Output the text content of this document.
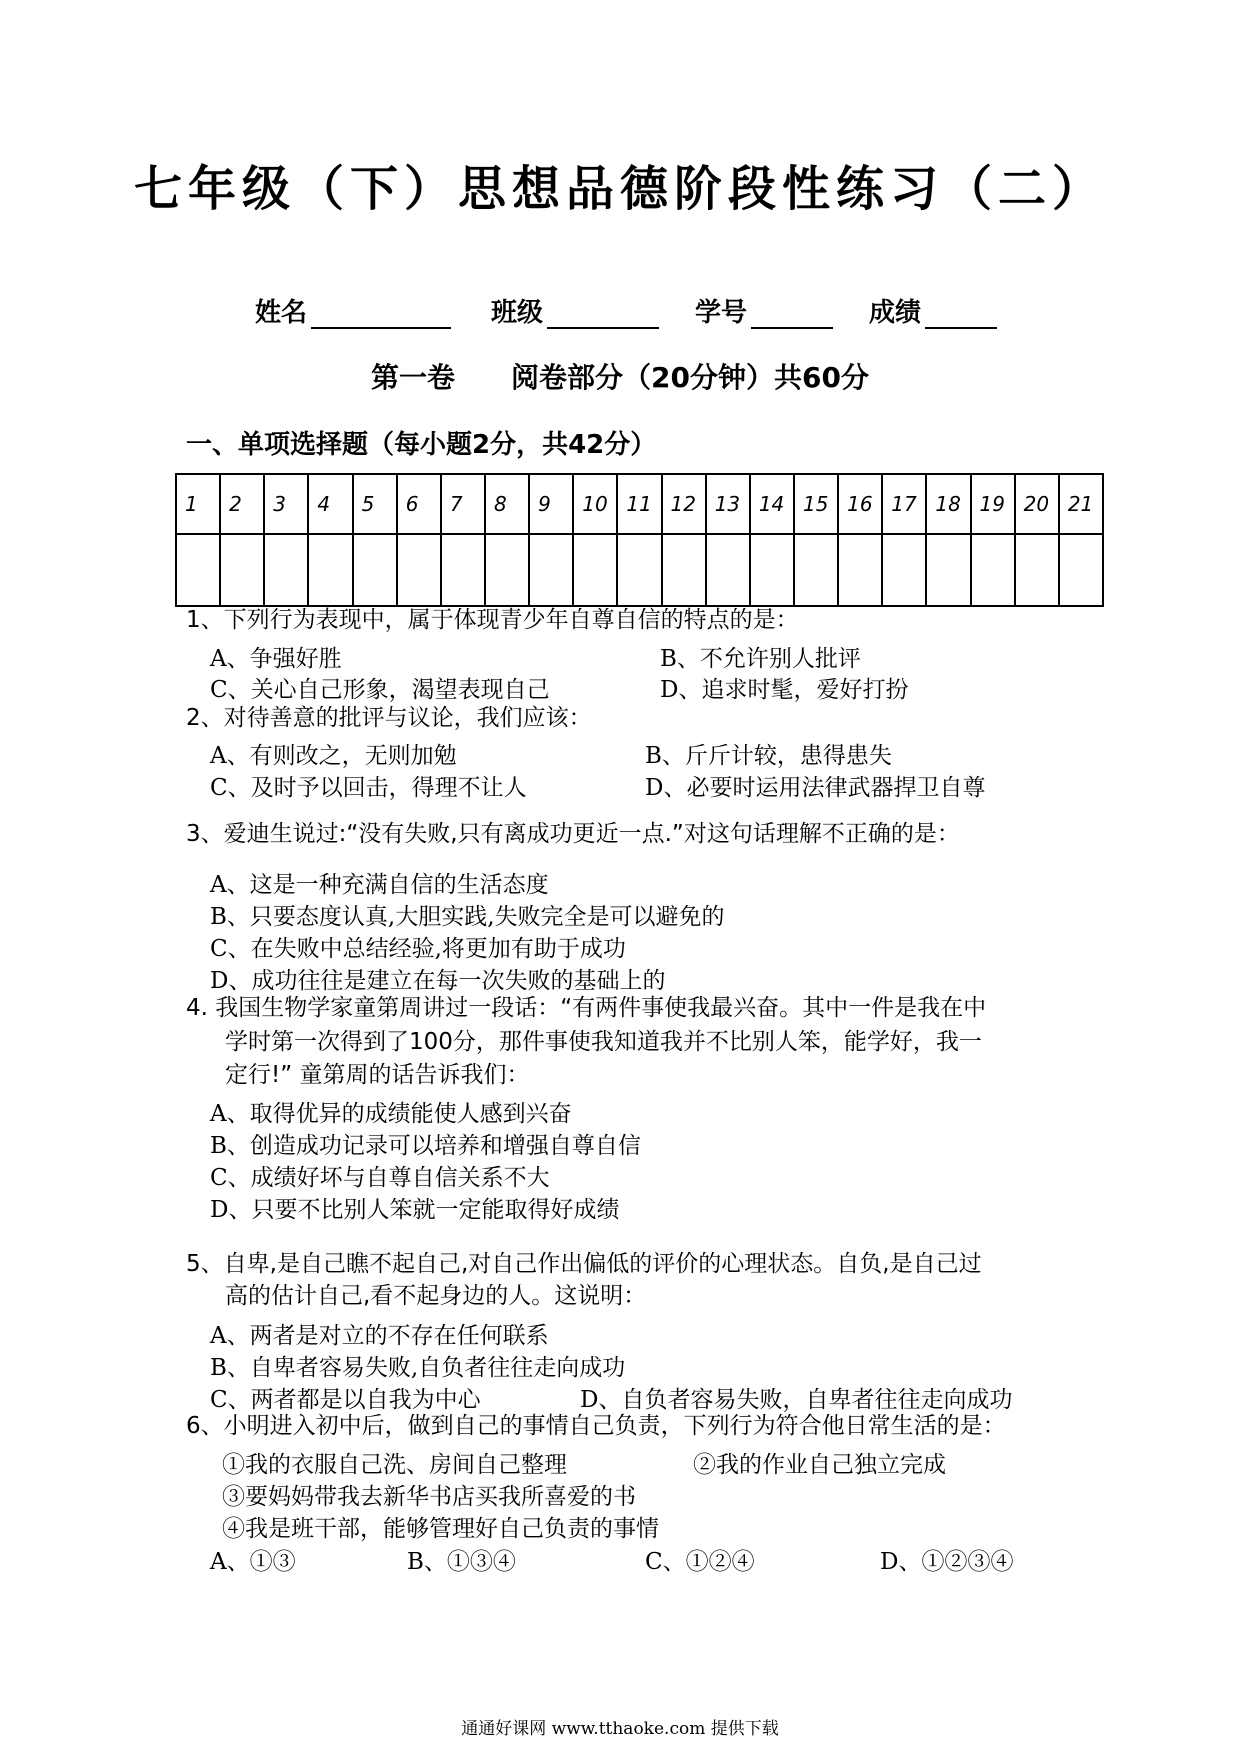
七年级（下）思想品德阶段性练习（二）
姓名	班级	学号	成绩
第一卷　　阅卷部分（20分钟）共60分
一、单项选择题（每小题2分，共42分）
1	2	3	4	5	6	7	8	9	10	11	12	13	14	15	16	17	18	19	20	21

1、下列行为表现中，属于体现青少年自尊自信的特点的是：
A、争强好胜	B、不允许别人批评
C、关心自己形象，渴望表现自己	D、追求时髦，爱好打扮
2、对待善意的批评与议论，我们应该：
A、有则改之，无则加勉	B、斤斤计较，患得患失
C、及时予以回击，得理不让人	D、必要时运用法律武器捍卫自尊
3、爱迪生说过:“没有失败,只有离成功更近一点.”对这句话理解不正确的是：
A、这是一种充满自信的生活态度
B、只要态度认真,大胆实践,失败完全是可以避免的
C、在失败中总结经验,将更加有助于成功
D、成功往往是建立在每一次失败的基础上的
4. 我国生物学家童第周讲过一段话：“有两件事使我最兴奋。其中一件是我在中
学时第一次得到了100分，那件事使我知道我并不比别人笨，能学好，我一
定行!” 童第周的话告诉我们：
A、取得优异的成绩能使人感到兴奋
B、创造成功记录可以培养和增强自尊自信
C、成绩好坏与自尊自信关系不大
D、只要不比别人笨就一定能取得好成绩
5、自卑,是自己瞧不起自己,对自己作出偏低的评价的心理状态。自负,是自己过
高的估计自己,看不起身边的人。这说明：
A、两者是对立的不存在任何联系
B、自卑者容易失败,自负者往往走向成功
C、两者都是以自我为中心	D、自负者容易失败，自卑者往往走向成功
6、小明进入初中后，做到自己的事情自己负责，下列行为符合他日常生活的是：
①我的衣服自己洗、房间自己整理	②我的作业自己独立完成
③要妈妈带我去新华书店买我所喜爱的书
④我是班干部，能够管理好自己负责的事情
A、①③	B、①③④	C、①②④	D、①②③④
通通好课网 www.tthaoke.com 提供下载
